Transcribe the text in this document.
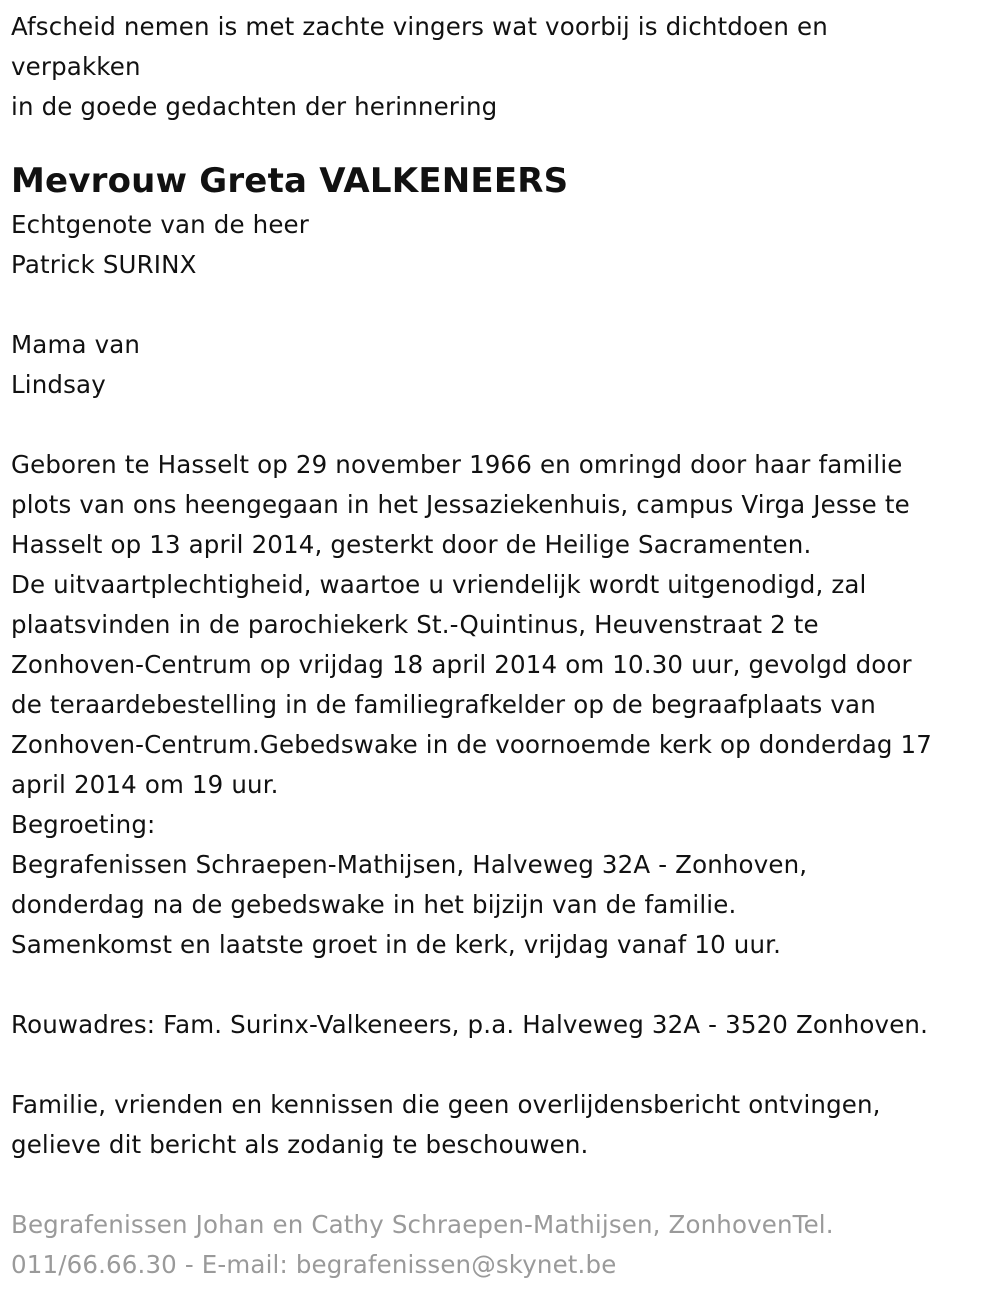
Afscheid nemen is met zachte vingers wat voorbij is dichtdoen en
verpakken
in de goede gedachten der herinnering
Mevrouw Greta VALKENEERS
Echtgenote van de heer
Patrick SURINX
Mama van
Lindsay
Geboren te Hasselt op 29 november 1966 en omringd door haar familie
plots van ons heengegaan in het Jessaziekenhuis, campus Virga Jesse te
Hasselt op 13 april 2014, gesterkt door de Heilige Sacramenten.
De uitvaartplechtigheid, waartoe u vriendelijk wordt uitgenodigd, zal
plaatsvinden in de parochiekerk St.-Quintinus, Heuvenstraat 2 te
Zonhoven-Centrum op vrijdag 18 april 2014 om 10.30 uur, gevolgd door
de teraardebestelling in de familiegrafkelder op de begraafplaats van
Zonhoven-Centrum.Gebedswake in de voornoemde kerk op donderdag 17
april 2014 om 19 uur.
Begroeting:
Begrafenissen Schraepen-Mathijsen, Halveweg 32A - Zonhoven,
donderdag na de gebedswake in het bijzijn van de familie.
Samenkomst en laatste groet in de kerk, vrijdag vanaf 10 uur.
Rouwadres: Fam. Surinx-Valkeneers, p.a. Halveweg 32A - 3520 Zonhoven.
Familie, vrienden en kennissen die geen overlijdensbericht ontvingen,
gelieve dit bericht als zodanig te beschouwen.
Begrafenissen Johan en Cathy Schraepen-Mathijsen, ZonhovenTel.
011/66.66.30 - E-mail: begrafenissen@skynet.be
